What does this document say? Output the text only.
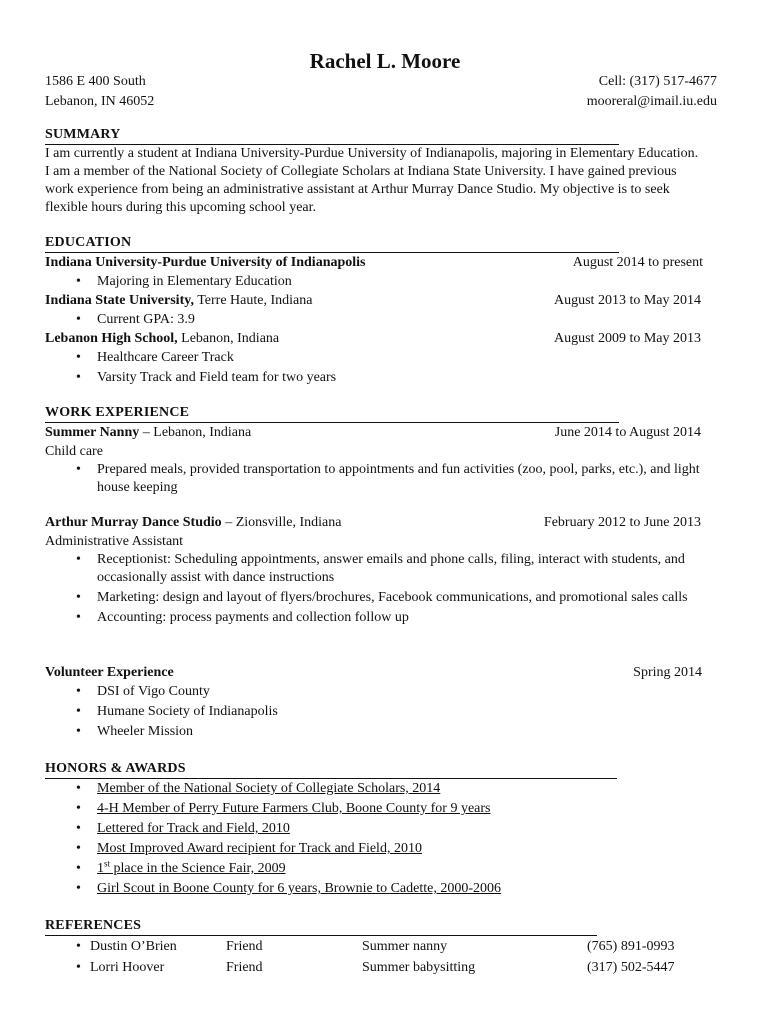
Rachel L. Moore
1586 E 400 South
Lebanon, IN 46052
Cell: (317) 517-4677
mooreral@imail.iu.edu
SUMMARY
I am currently a student at Indiana University-Purdue University of Indianapolis, majoring in Elementary Education. I am a member of the National Society of Collegiate Scholars at Indiana State University. I have gained previous work experience from being an administrative assistant at Arthur Murray Dance Studio. My objective is to seek flexible hours during this upcoming school year.
EDUCATION
Indiana University-Purdue University of Indianapolis	August 2014 to present
• Majoring in Elementary Education
Indiana State University, Terre Haute, Indiana	August 2013 to May 2014
• Current GPA: 3.9
Lebanon High School, Lebanon, Indiana	August 2009 to May 2013
• Healthcare Career Track
• Varsity Track and Field team for two years
WORK EXPERIENCE
Summer Nanny – Lebanon, Indiana	June 2014 to August 2014
Child care
• Prepared meals, provided transportation to appointments and fun activities (zoo, pool, parks, etc.), and light house keeping
Arthur Murray Dance Studio – Zionsville, Indiana	February 2012 to June 2013
Administrative Assistant
• Receptionist: Scheduling appointments, answer emails and phone calls, filing, interact with students, and occasionally assist with dance instructions
• Marketing: design and layout of flyers/brochures, Facebook communications, and promotional sales calls
• Accounting: process payments and collection follow up
Volunteer Experience	Spring 2014
• DSI of Vigo County
• Humane Society of Indianapolis
• Wheeler Mission
HONORS & AWARDS
• Member of the National Society of Collegiate Scholars, 2014
• 4-H Member of Perry Future Farmers Club, Boone County for 9 years
• Lettered for Track and Field, 2010
• Most Improved Award recipient for Track and Field, 2010
• 1st place in the Science Fair, 2009
• Girl Scout in Boone County for 6 years, Brownie to Cadette, 2000-2006
REFERENCES
• Dustin O’Brien	Friend	Summer nanny	(765) 891-0993
• Lorri Hoover	Friend	Summer babysitting	(317) 502-5447
